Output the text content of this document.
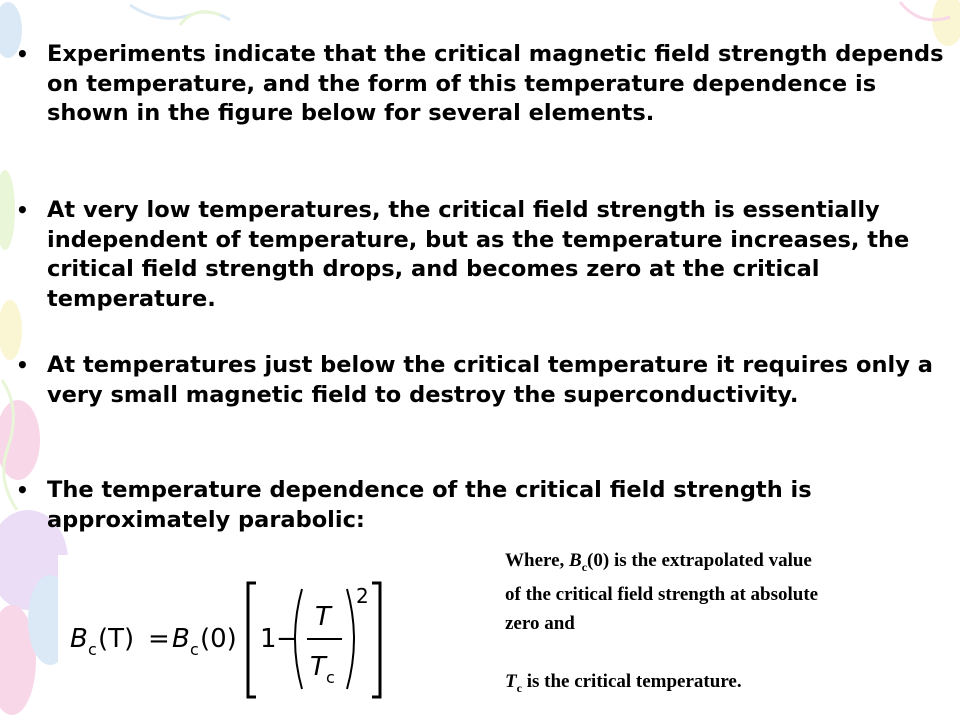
• Experiments indicate that the critical magnetic field strength depends on temperature, and the form of this temperature dependence is shown in the figure below for several elements.
• At very low temperatures, the critical field strength is essentially independent of temperature, but as the temperature increases, the critical field strength drops, and becomes zero at the critical temperature.
• At temperatures just below the critical temperature it requires only a very small magnetic field to destroy the superconductivity.
• The temperature dependence of the critical field strength is approximately parabolic:
B c (T) = B c (0) 1 −
T
T c
2
Where, $B_c(0)$ is the extrapolated value
of the critical field strength at absolute
zero and
$T_c$ is the critical temperature.
